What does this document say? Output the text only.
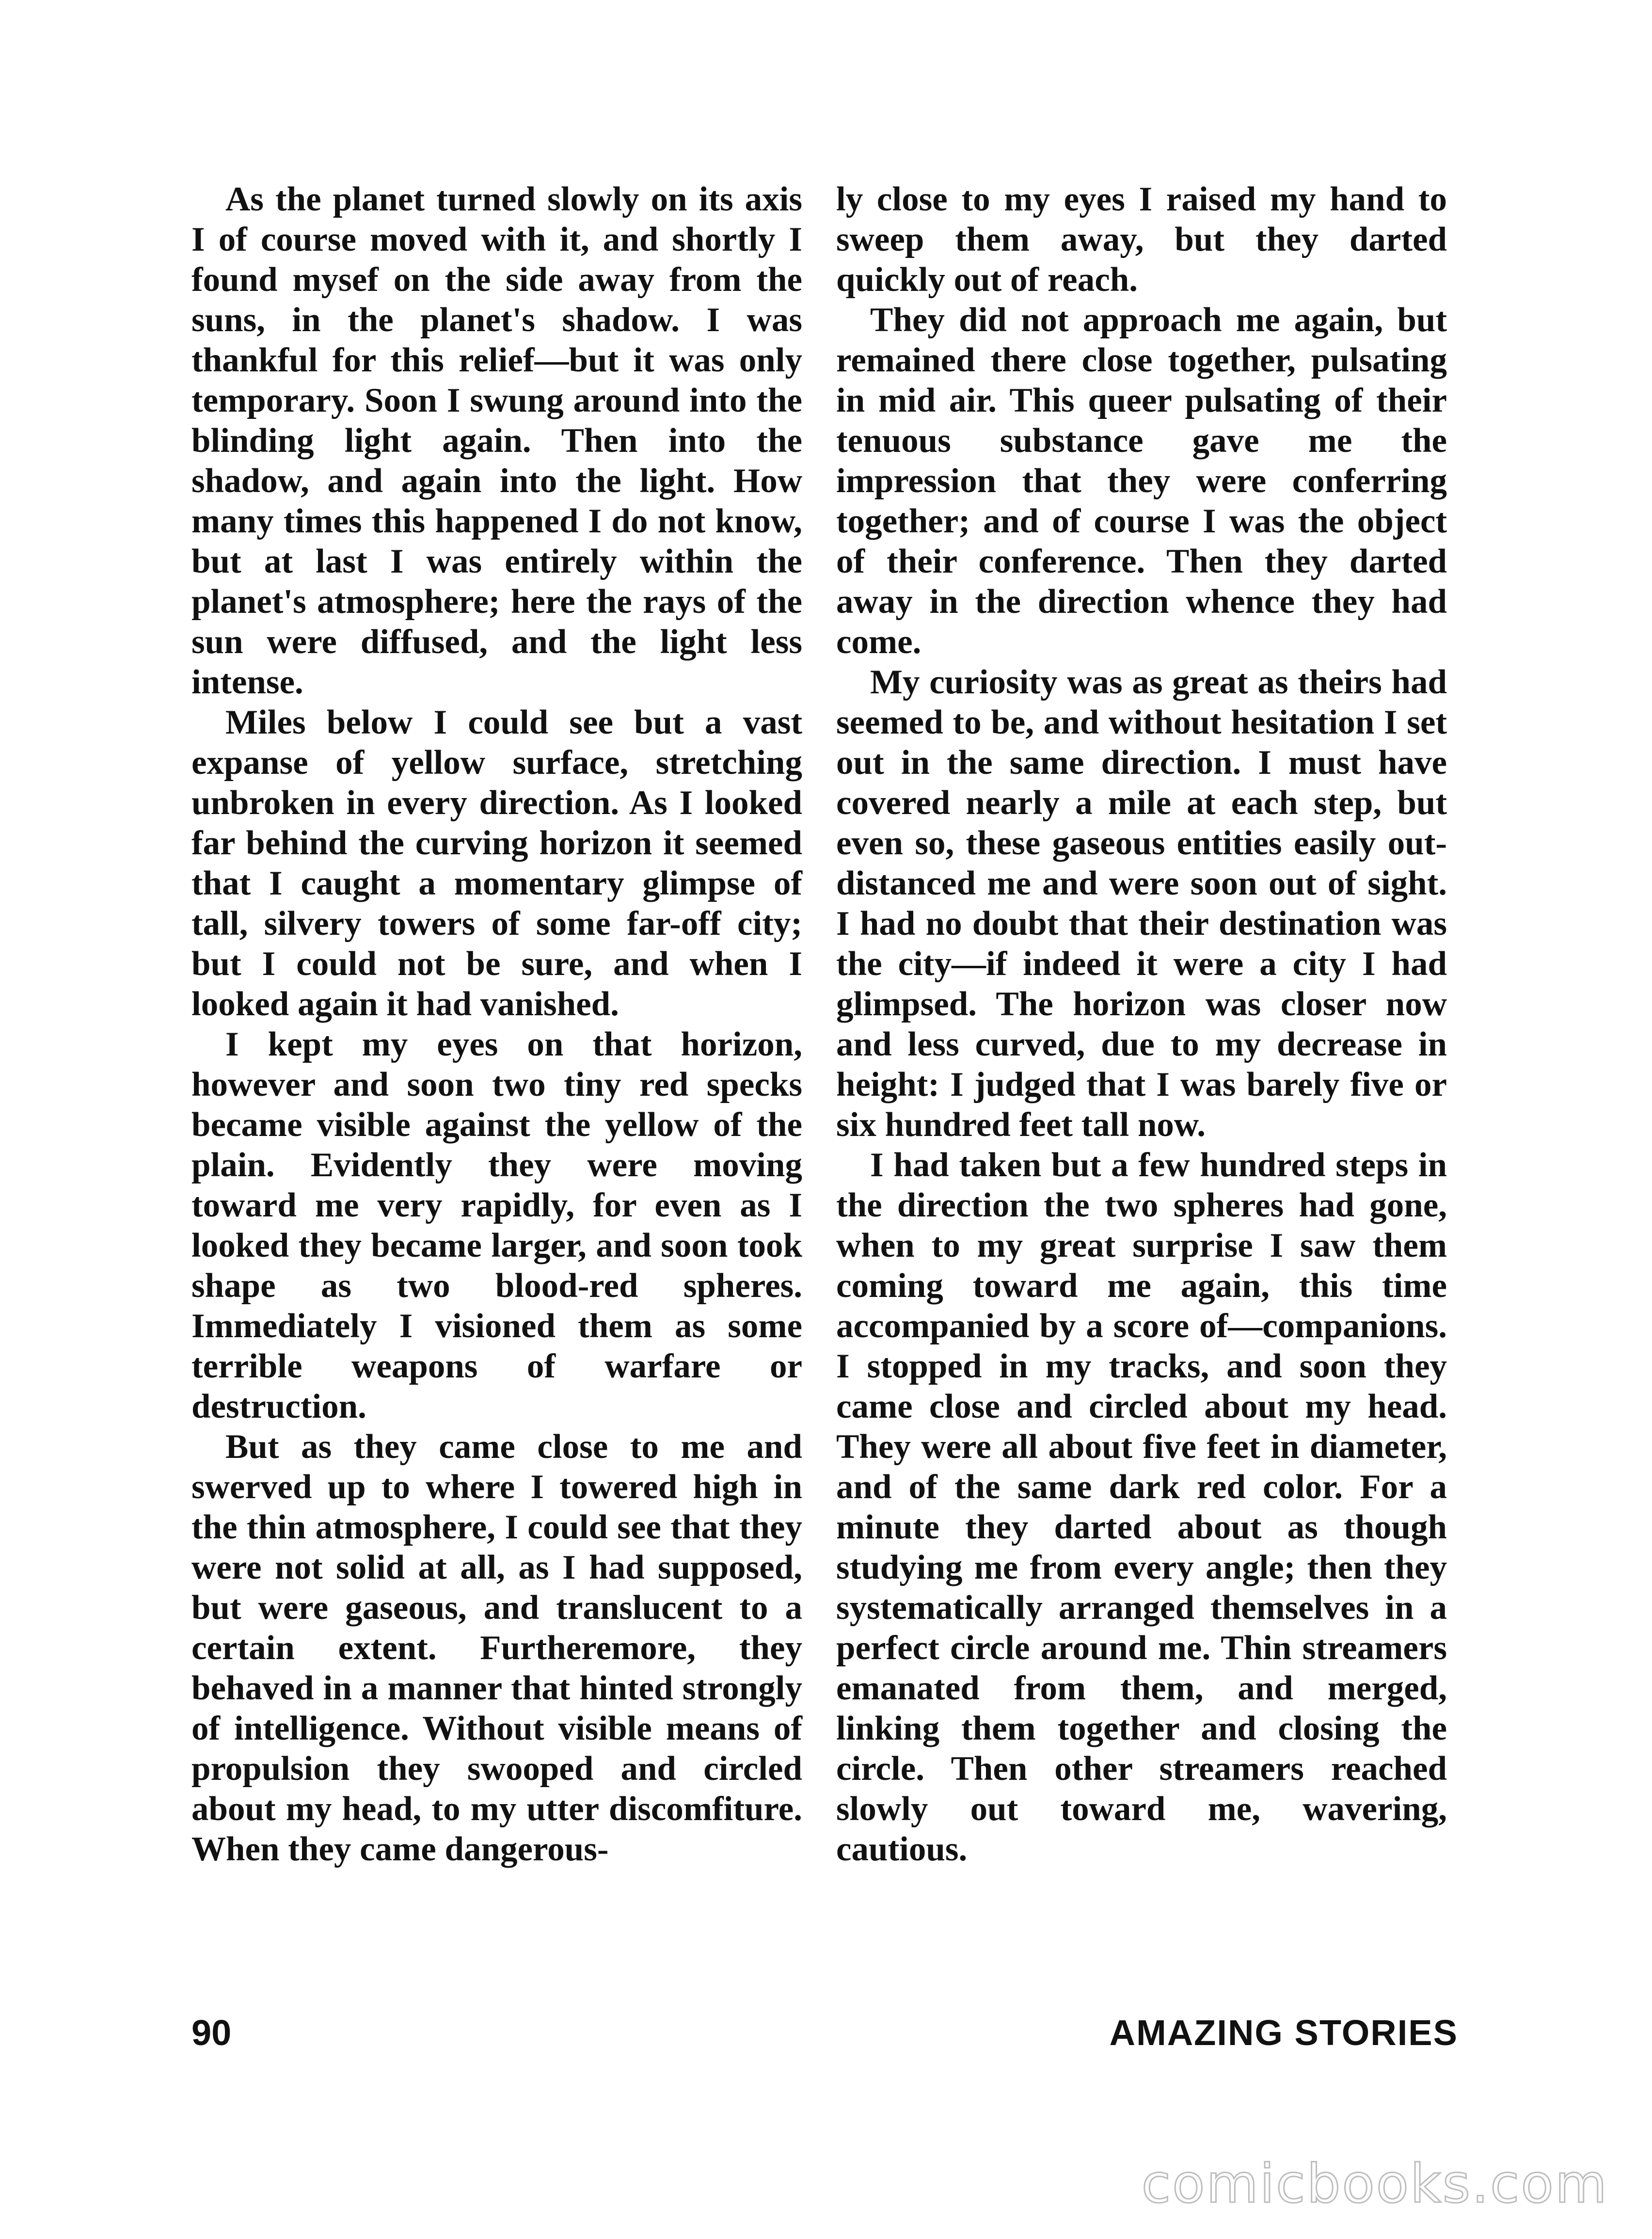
As the planet turned slowly on its axis I of course moved with it, and shortly I found mysef on the side away from the suns, in the planet's shadow. I was thankful for this relief—but it was only temporary. Soon I swung around into the blinding light again. Then into the shadow, and again into the light. How many times this happened I do not know, but at last I was entirely within the planet's atmosphere; here the rays of the sun were diffused, and the light less intense.

Miles below I could see but a vast expanse of yellow surface, stretching unbroken in every direction. As I looked far behind the curving horizon it seemed that I caught a momentary glimpse of tall, silvery towers of some far-off city; but I could not be sure, and when I looked again it had vanished.

I kept my eyes on that horizon, however and soon two tiny red specks became visible against the yellow of the plain. Evidently they were moving toward me very rapidly, for even as I looked they became larger, and soon took shape as two blood-red spheres. Immediately I visioned them as some terrible weapons of warfare or destruction.

But as they came close to me and swerved up to where I towered high in the thin atmosphere, I could see that they were not solid at all, as I had supposed, but were gaseous, and translucent to a certain extent. Furtheremore, they behaved in a manner that hinted strongly of intelligence. Without visible means of propulsion they swooped and circled about my head, to my utter discomfiture. When they came dangerous-

ly close to my eyes I raised my hand to sweep them away, but they darted quickly out of reach.

They did not approach me again, but remained there close together, pulsating in mid air. This queer pulsating of their tenuous substance gave me the impression that they were conferring together; and of course I was the object of their conference. Then they darted away in the direction whence they had come.

My curiosity was as great as theirs had seemed to be, and without hesitation I set out in the same direction. I must have covered nearly a mile at each step, but even so, these gaseous entities easily out-distanced me and were soon out of sight. I had no doubt that their destination was the city—if indeed it were a city I had glimpsed. The horizon was closer now and less curved, due to my decrease in height: I judged that I was barely five or six hundred feet tall now.

I had taken but a few hundred steps in the direction the two spheres had gone, when to my great surprise I saw them coming toward me again, this time accompanied by a score of—companions. I stopped in my tracks, and soon they came close and circled about my head. They were all about five feet in diameter, and of the same dark red color. For a minute they darted about as though studying me from every angle; then they systematically arranged themselves in a perfect circle around me. Thin streamers emanated from them, and merged, linking them together and closing the circle. Then other streamers reached slowly out toward me, wavering, cautious.

90	AMAZING STORIES
comicbooks.com
